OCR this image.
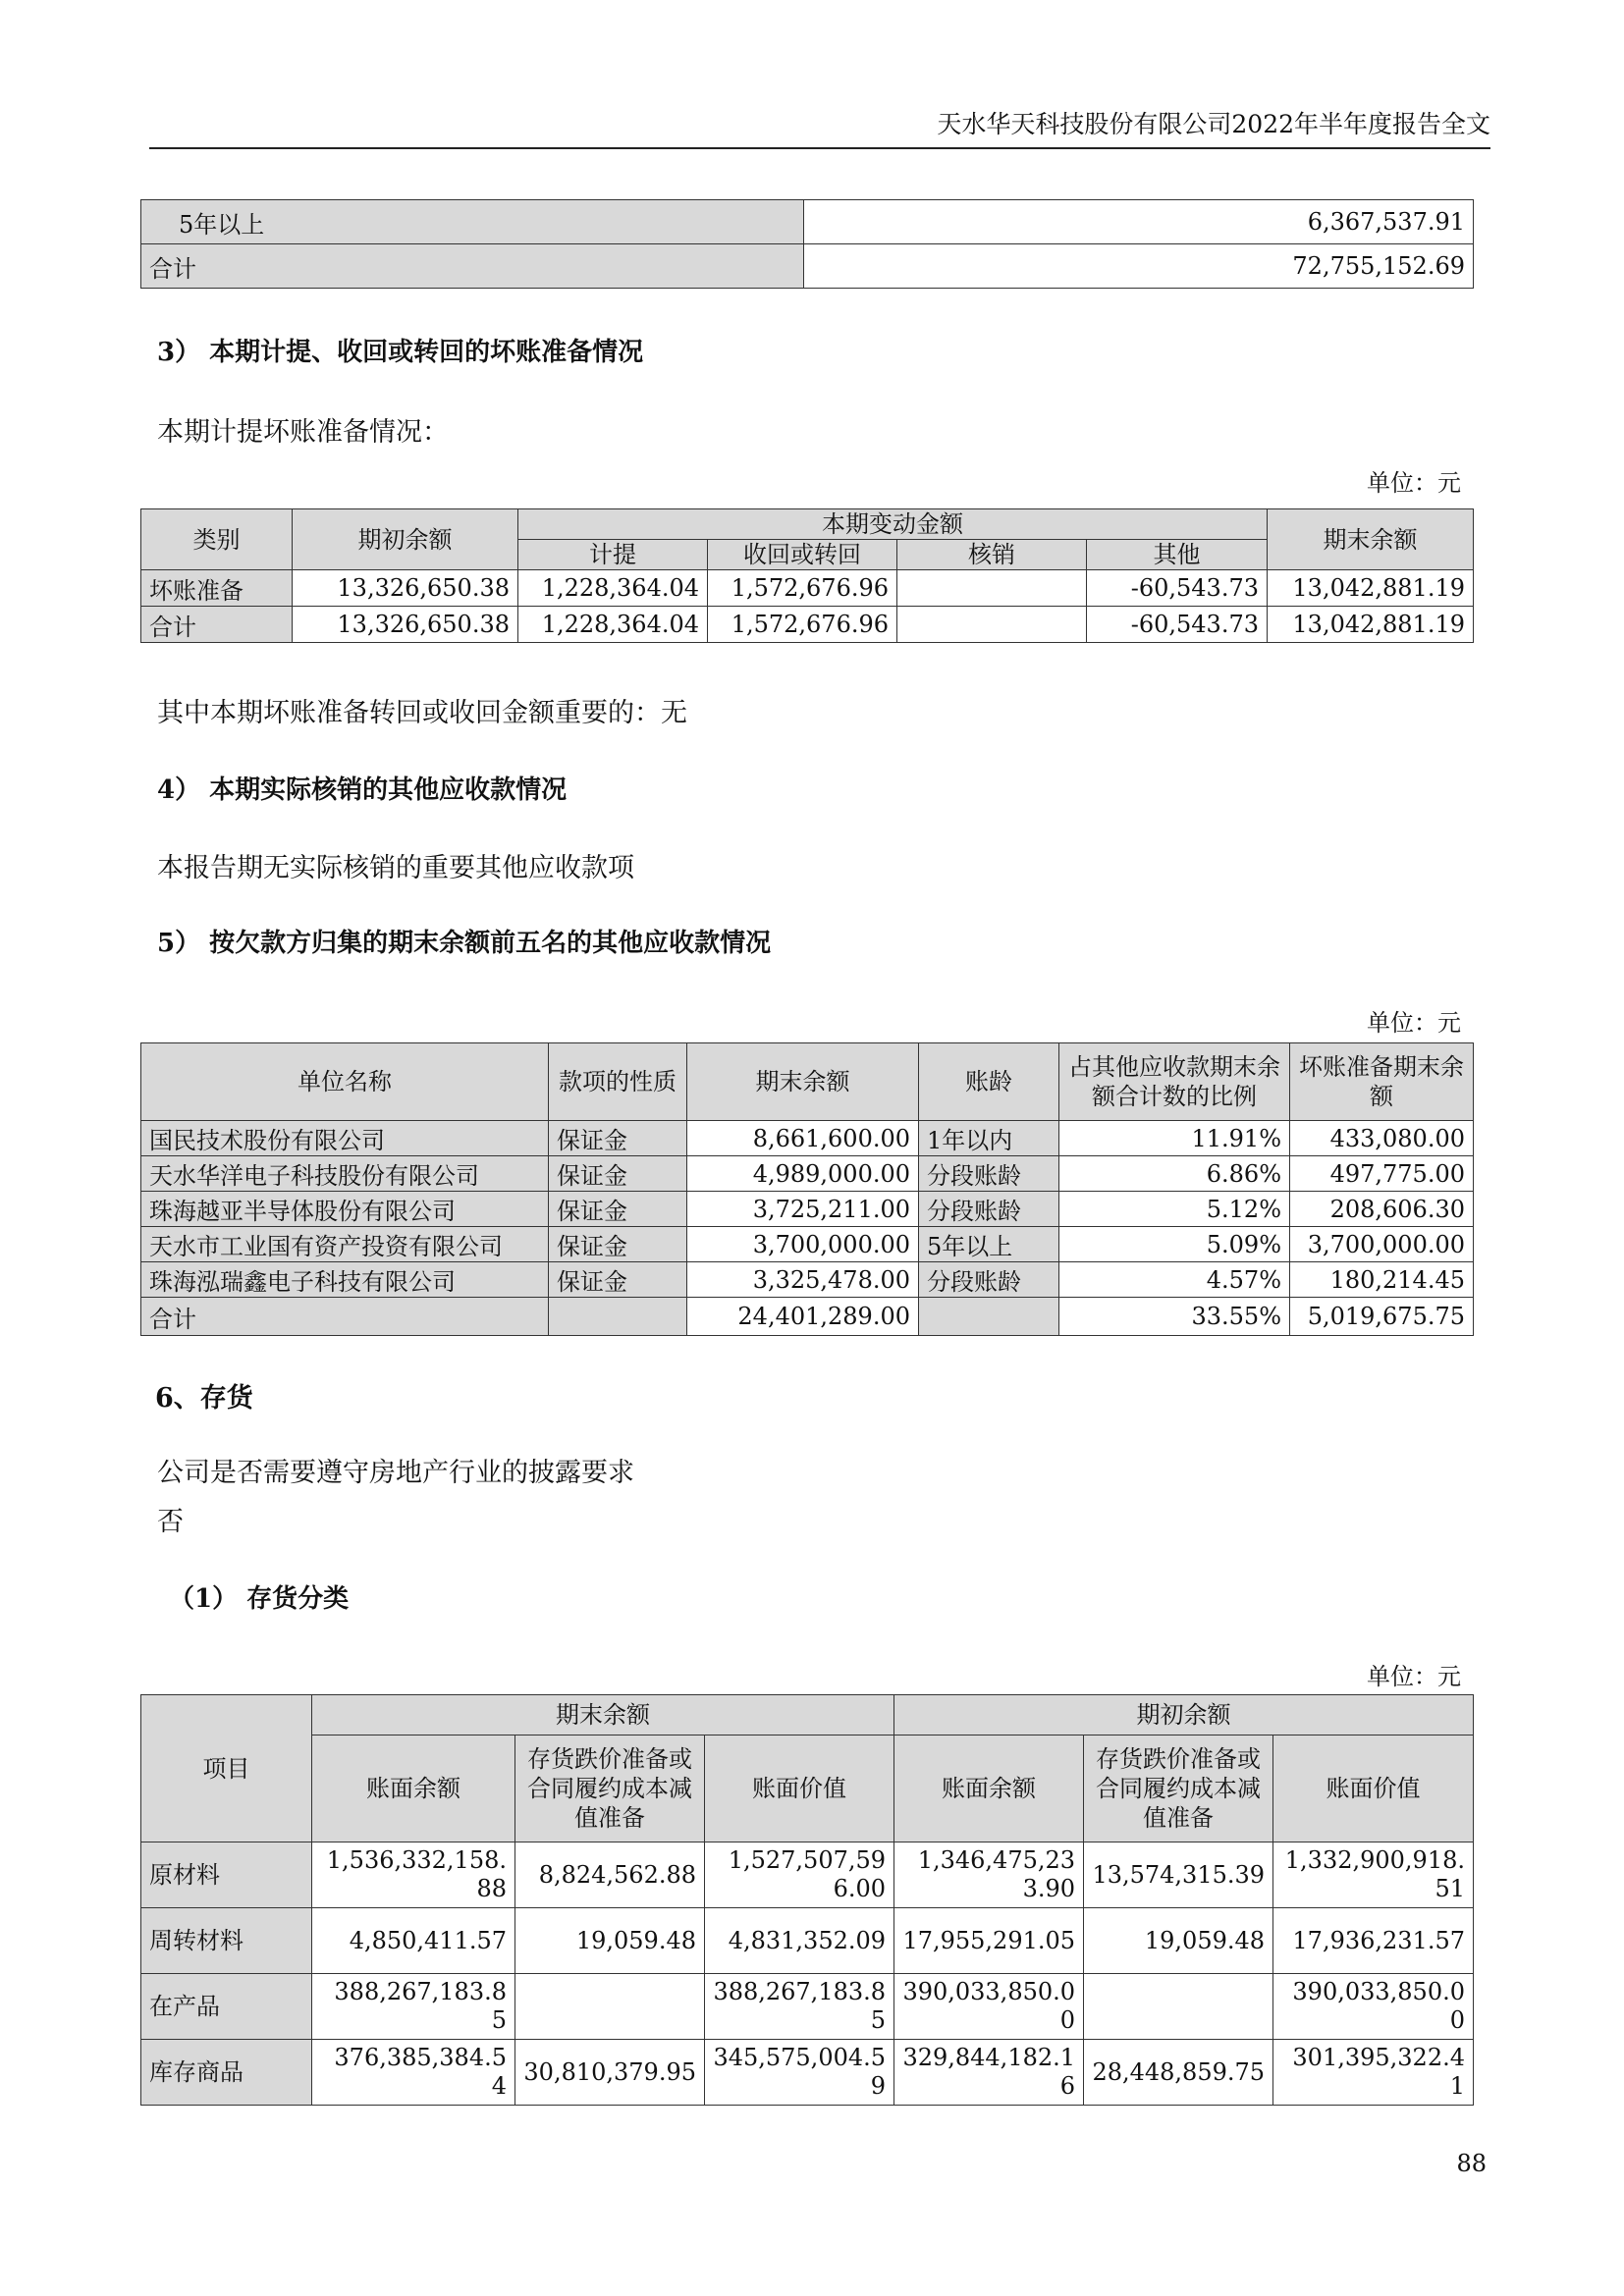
天水华天科技股份有限公司2022年半年度报告全文
5年以上	6,367,537.91
合计	72,755,152.69
3） 本期计提、收回或转回的坏账准备情况
本期计提坏账准备情况：
单位：元
类别	期初余额	本期变动金额				期末余额
		计提	收回或转回	核销	其他	
坏账准备	13,326,650.38	1,228,364.04	1,572,676.96		-60,543.73	13,042,881.19
合计	13,326,650.38	1,228,364.04	1,572,676.96		-60,543.73	13,042,881.19
其中本期坏账准备转回或收回金额重要的：无
4） 本期实际核销的其他应收款情况
本报告期无实际核销的重要其他应收款项
5） 按欠款方归集的期末余额前五名的其他应收款情况
单位：元
单位名称	款项的性质	期末余额	账龄	占其他应收款期末余额合计数的比例	坏账准备期末余额
国民技术股份有限公司	保证金	8,661,600.00	1年以内	11.91%	433,080.00
天水华洋电子科技股份有限公司	保证金	4,989,000.00	分段账龄	6.86%	497,775.00
珠海越亚半导体股份有限公司	保证金	3,725,211.00	分段账龄	5.12%	208,606.30
天水市工业国有资产投资有限公司	保证金	3,700,000.00	5年以上	5.09%	3,700,000.00
珠海泓瑞鑫电子科技有限公司	保证金	3,325,478.00	分段账龄	4.57%	180,214.45
合计		24,401,289.00		33.55%	5,019,675.75
6、存货
公司是否需要遵守房地产行业的披露要求
否
（1） 存货分类
单位：元
项目	期末余额			期初余额		
	账面余额	存货跌价准备或合同履约成本减值准备	账面价值	账面余额	存货跌价准备或合同履约成本减值准备	账面价值
原材料	1,536,332,158.88	8,824,562.88	1,527,507,596.00	1,346,475,233.90	13,574,315.39	1,332,900,918.51
周转材料	4,850,411.57	19,059.48	4,831,352.09	17,955,291.05	19,059.48	17,936,231.57
在产品	388,267,183.85		388,267,183.85	390,033,850.00		390,033,850.00
库存商品	376,385,384.54	30,810,379.95	345,575,004.59	329,844,182.16	28,448,859.75	301,395,322.41
88
